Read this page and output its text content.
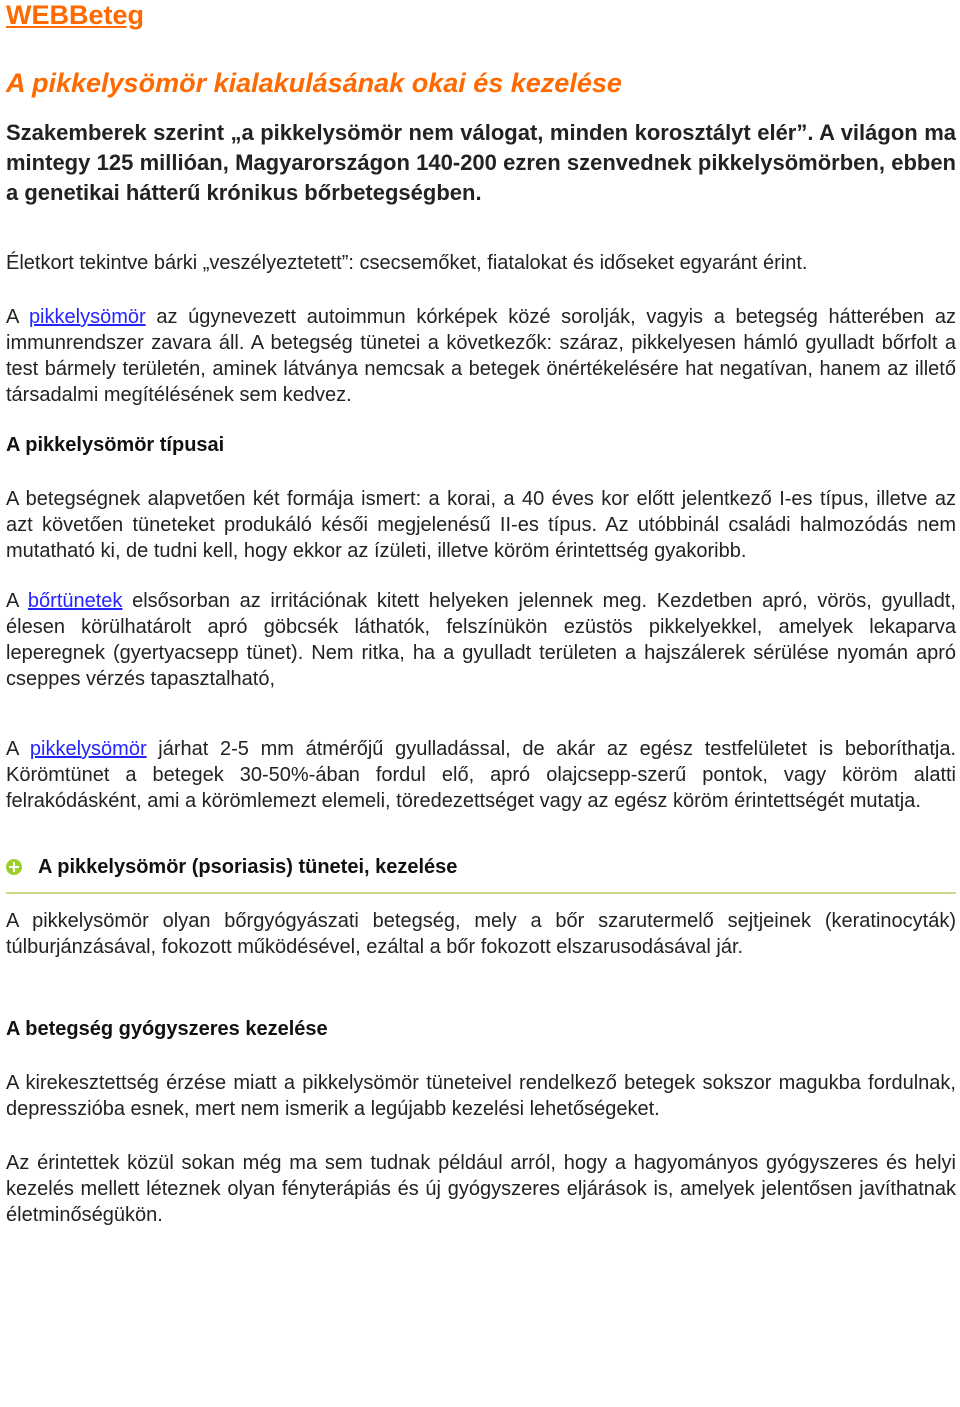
WEBBeteg
A pikkelysömör kialakulásának okai és kezelése

Szakemberek szerint „a pikkelysömör nem válogat, minden korosztályt elér”. A világon ma mintegy 125 millióan, Magyarországon 140-200 ezren szenvednek pikkelysömörben, ebben a genetikai hátterű krónikus bőrbetegségben.

Életkort tekintve bárki „veszélyeztetett”: csecsemőket, fiatalokat és időseket egyaránt érint.

A pikkelysömör az úgynevezett autoimmun kórképek közé sorolják, vagyis a betegség hátterében az immunrendszer zavara áll. A betegség tünetei a következők: száraz, pikkelyesen hámló gyulladt bőrfolt a test bármely területén, aminek látványa nemcsak a betegek önértékelésére hat negatívan, hanem az illető társadalmi megítélésének sem kedvez.

A pikkelysömör típusai

A betegségnek alapvetően két formája ismert: a korai, a 40 éves kor előtt jelentkező I-es típus, illetve az azt követően tüneteket produkáló késői megjelenésű II-es típus. Az utóbbinál családi halmozódás nem mutatható ki, de tudni kell, hogy ekkor az ízületi, illetve köröm érintettség gyakoribb.

A bőrtünetek elsősorban az irritációnak kitett helyeken jelennek meg. Kezdetben apró, vörös, gyulladt, élesen körülhatárolt apró göbcsék láthatók, felszínükön ezüstös pikkelyekkel, amelyek lekaparva leperegnek (gyertyacsepp tünet). Nem ritka, ha a gyulladt területen a hajszálerek sérülése nyomán apró cseppes vérzés tapasztalható,

A pikkelysömör járhat 2-5 mm átmérőjű gyulladással, de akár az egész testfelületet is beboríthatja. Körömtünet a betegek 30-50%-ában fordul elő, apró olajcsepp-szerű pontok, vagy köröm alatti felrakódásként, ami a körömlemezt elemeli, töredezettséget vagy az egész köröm érintettségét mutatja.

A pikkelysömör (psoriasis) tünetei, kezelése

A pikkelysömör olyan bőrgyógyászati betegség, mely a bőr szarutermelő sejtjeinek (keratinocyták) túlburjánzásával, fokozott működésével, ezáltal a bőr fokozott elszarusodásával jár.

A betegség gyógyszeres kezelése

A kirekesztettség érzése miatt a pikkelysömör tüneteivel rendelkező betegek sokszor magukba fordulnak, depresszióba esnek, mert nem ismerik a legújabb kezelési lehetőségeket.

Az érintettek közül sokan még ma sem tudnak például arról, hogy a hagyományos gyógyszeres és helyi kezelés mellett léteznek olyan fényterápiás és új gyógyszeres eljárások is, amelyek jelentősen javíthatnak életminőségükön.
